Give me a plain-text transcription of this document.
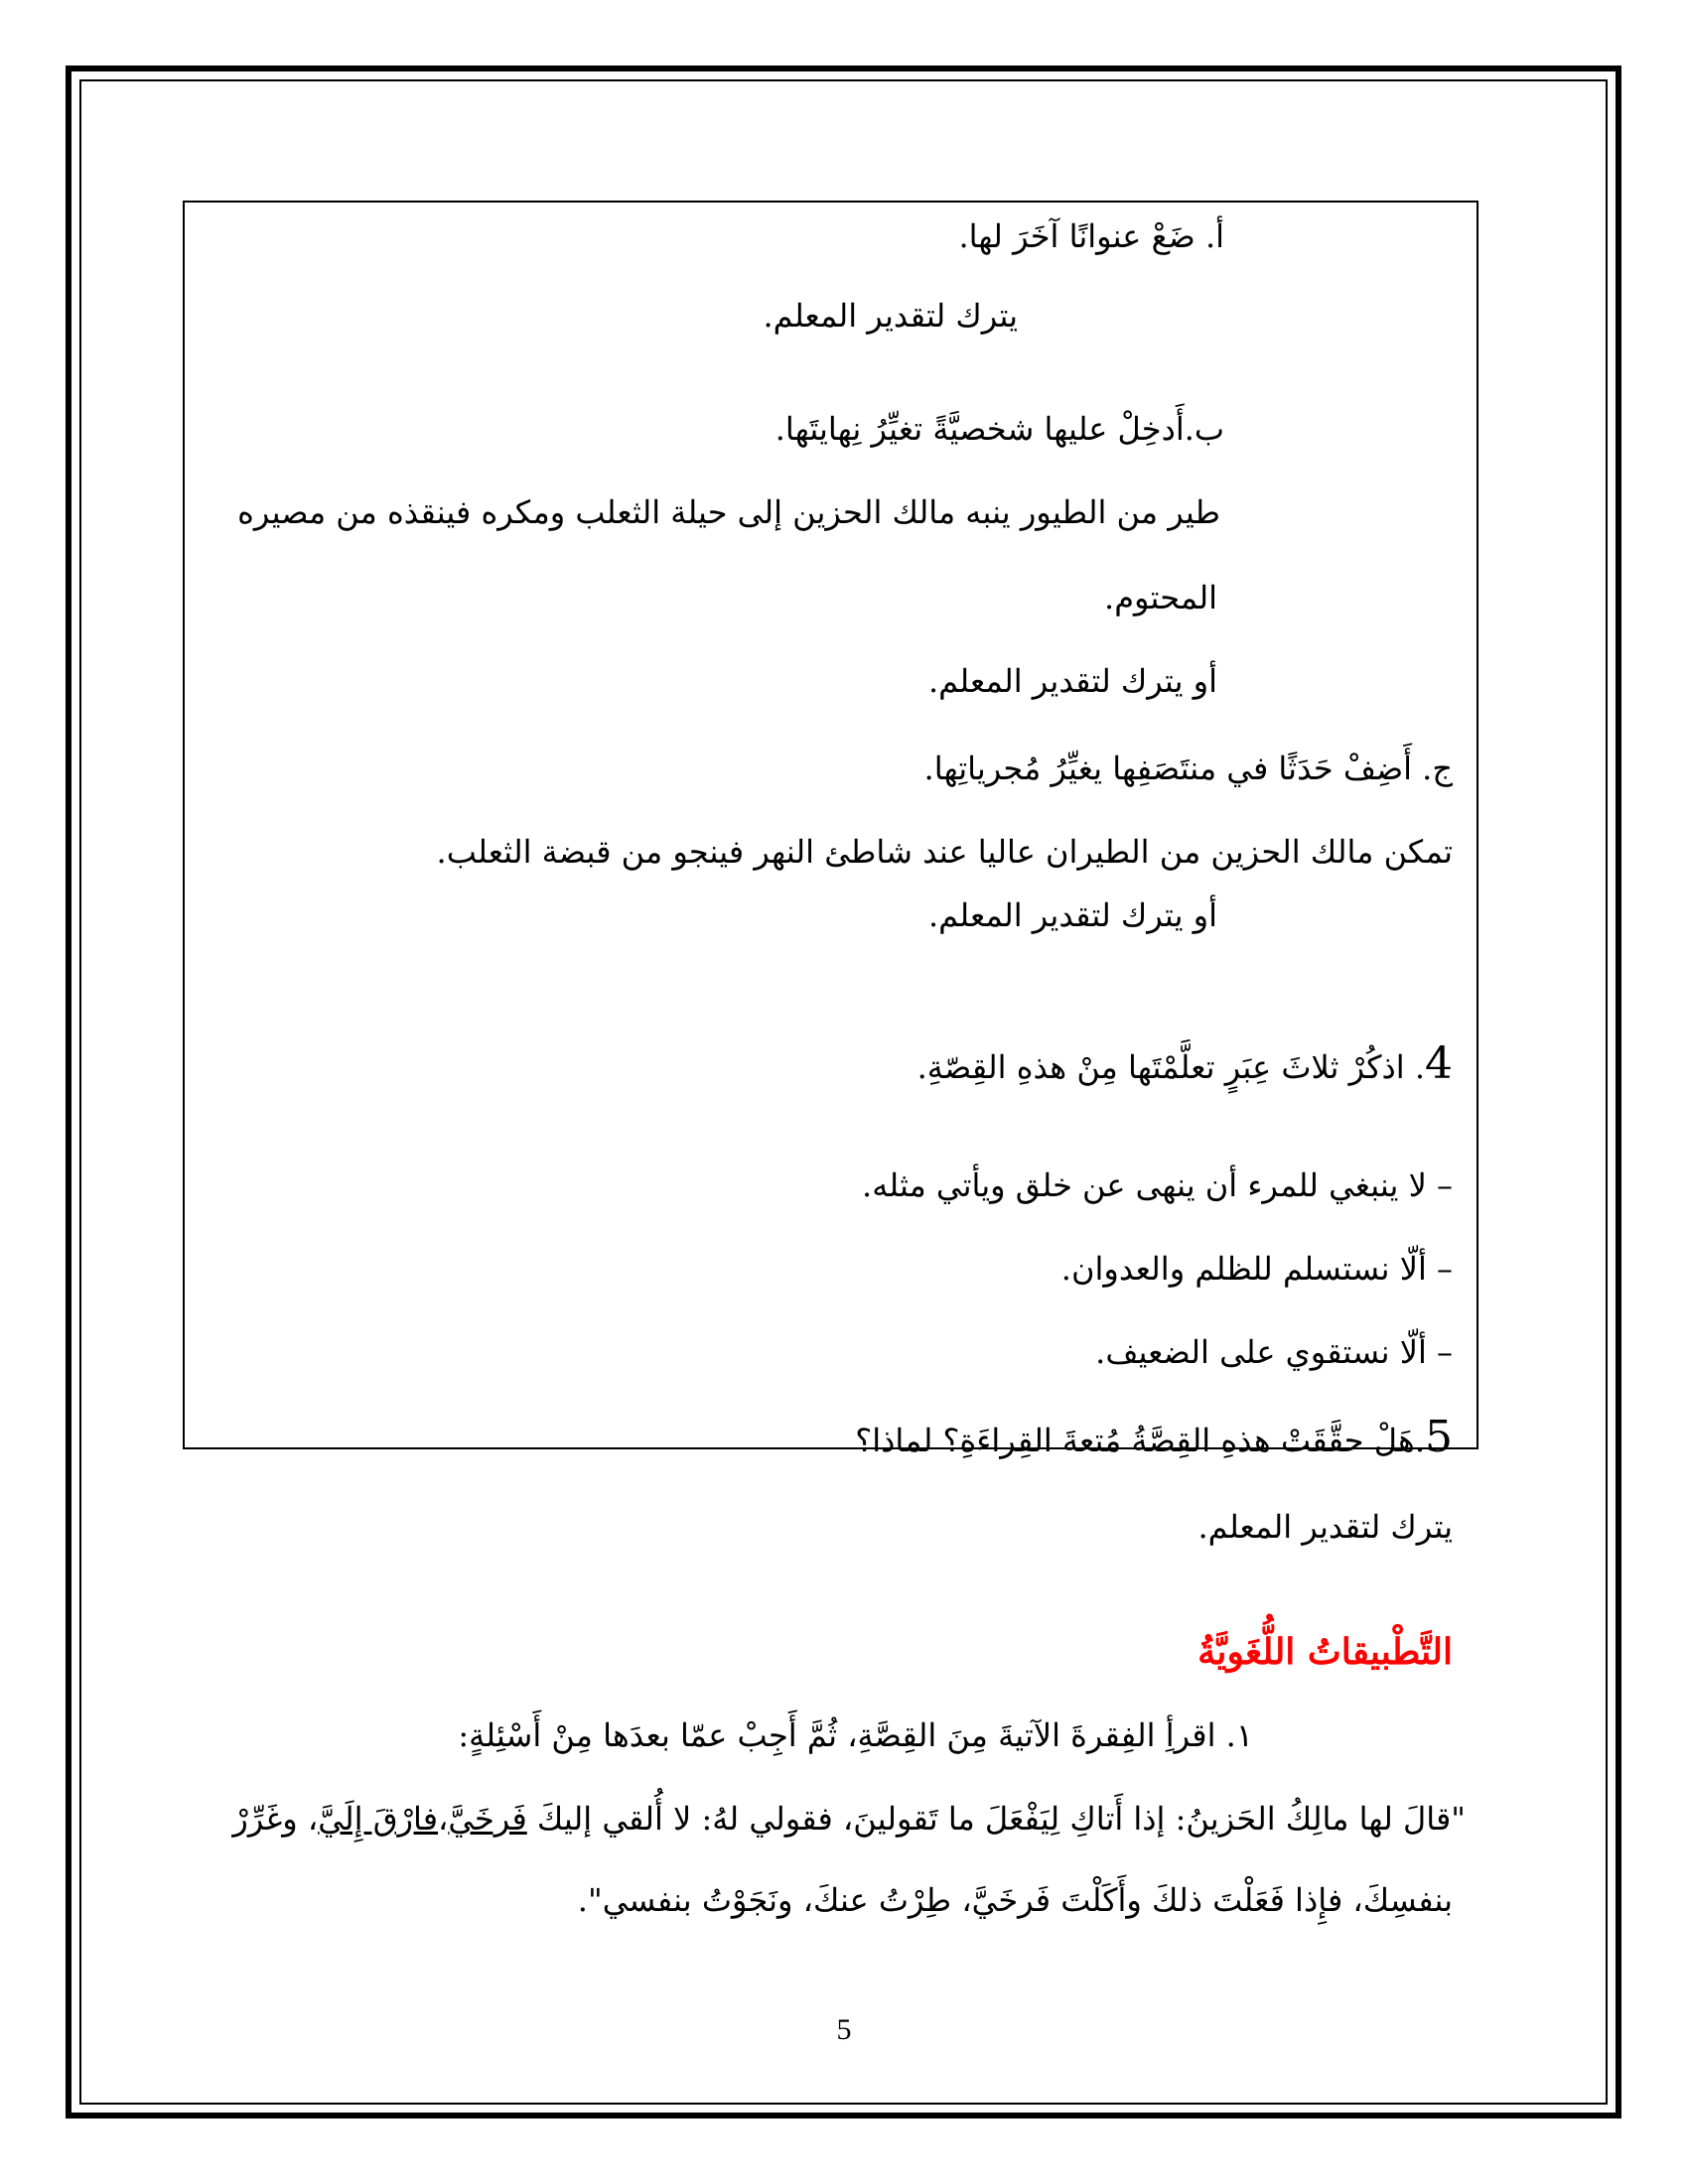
أ. ضَعْ عنوانًا آخَرَ لها.
يترك لتقدير المعلم.
ب.أَدخِلْ عليها شخصيَّةً تغيِّرُ نِهايتَها.
طير من الطيور ينبه مالك الحزين إلى حيلة الثعلب ومكره فينقذه من مصيره
المحتوم.
أو يترك لتقدير المعلم.
ج. أَضِفْ حَدَثًا في منتَصَفِها يغيِّرُ مُجرياتِها.
تمكن مالك الحزين من الطيران عاليا عند شاطئ النهر فينجو من قبضة الثعلب.
أو يترك لتقدير المعلم.
4. اذكُرْ ثلاثَ عِبَرٍ تعلَّمْتَها مِنْ هذهِ القِصّةِ.
– لا ينبغي للمرء أن ينهى عن خلق ويأتي مثله.
– ألّا نستسلم للظلم والعدوان.
– ألّا نستقوي على الضعيف.
5.هَلْ حقَّقَتْ هذهِ القِصَّةُ مُتعةَ القِراءَةِ؟ لماذا؟
يترك لتقدير المعلم.
التَّطْبيقاتُ اللُّغَويَّةُ
١. اقرأِ الفِقرةَ الآتيةَ مِنَ القِصَّةِ، ثُمَّ أَجِبْ عمّا بعدَها مِنْ أَسْئِلةٍ:
"قالَ لها مالِكُ الحَزينُ: إذا أَتاكِ لِيَفْعَلَ ما تَقولينَ، فقولي لهُ: لا أُلقي إليكَ فَرخَيَّ،فارْقَ إِلَيَّ، وغَرِّرْ
بنفسِكَ، فإِذا فَعَلْتَ ذلكَ وأَكَلْتَ فَرخَيَّ، طِرْتُ عنكَ، ونَجَوْتُ بنفسي".
5
